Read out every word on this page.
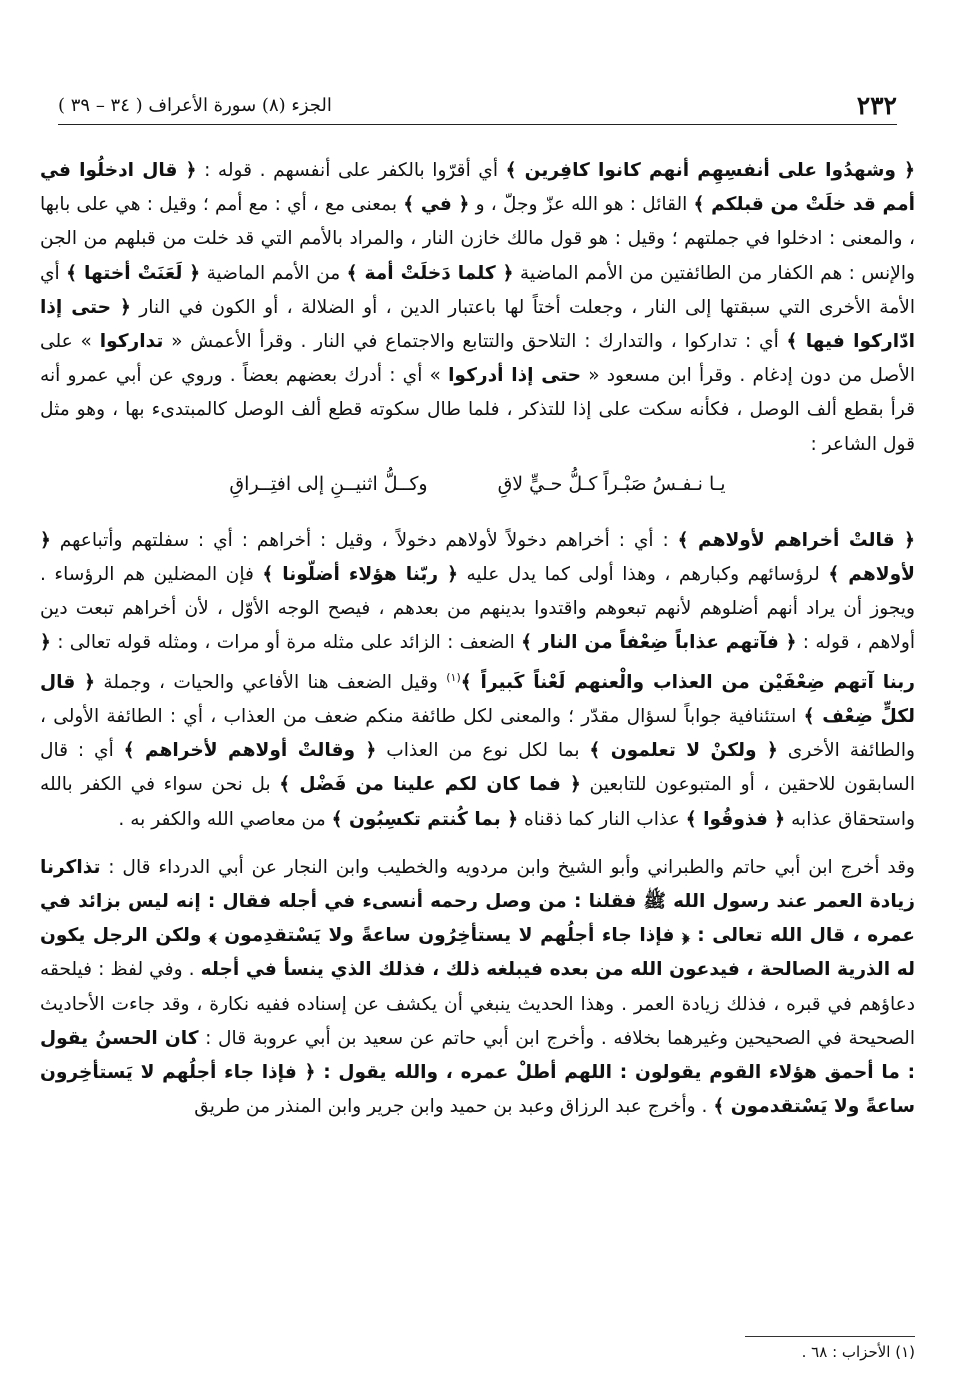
٢٣٢
الجزء (٨) سورة الأعراف ( ٣٤ – ٣٩ )

﴿ وشهدُوا على أنفسِهِم أنهم كانوا كافِرين ﴾ أي أقرّوا بالكفر على أنفسهم . قوله : ﴿ قال ادخلُوا في أمم قد خلَتْ من قبلكم ﴾ القائل : هو الله عزّ وجلّ ، و ﴿ في ﴾ بمعنى مع ، أي : مع أمم ؛ وقيل : هي على بابها ، والمعنى : ادخلوا في جملتهم ؛ وقيل : هو قول مالك خازن النار ، والمراد بالأمم التي قد خلت من قبلهم من الجن والإنس : هم الكفار من الطائفتين من الأمم الماضية ﴿ كلما دَخلَتْ أمة ﴾ من الأمم الماضية ﴿ لَعَنَتْ أختها ﴾ أي الأمة الأخرى التي سبقتها إلى النار ، وجعلت أختاً لها باعتبار الدين ، أو الضلالة ، أو الكون في النار ﴿ حتى إذا ادّاركوا فيها ﴾ أي : تداركوا ، والتدارك : التلاحق والتتابع والاجتماع في النار . وقرأ الأعمش « تداركوا » على الأصل من دون إدغام . وقرأ ابن مسعود « حتى إذا أدركوا » أي : أدرك بعضهم بعضاً . وروي عن أبي عمرو أنه قرأ بقطع ألف الوصل ، فكأنه سكت على إذا للتذكر ، فلما طال سكوته قطع ألف الوصل كالمبتدىء بها ، وهو مثل قول الشاعر :

يـا نـفـسُ صَبْـراً كـلُّ حـيٍّ لاقِ
وكــلُّ اثنيــنِ إلى افتِــراقِ

﴿ قالتْ أخراهم لأولاهم ﴾ : أي : أخراهم دخولاً لأولاهم دخولاً ، وقيل : أخراهم : أي : سفلتهم وأتباعهم ﴿ لأولاهم ﴾ لرؤسائهم وكبارهم ، وهذا أولى كما يدل عليه ﴿ ربّنا هؤلاء أضلّونا ﴾ فإن المضلين هم الرؤساء . ويجوز أن يراد أنهم أضلوهم لأنهم تبعوهم واقتدوا بدينهم من بعدهم ، فيصح الوجه الأوّل ، لأن أخراهم تبعت دين أولاهم ، قوله : ﴿ فآتهم عذاباً ضِعْفاً من النار ﴾ الضعف : الزائد على مثله مرة أو مرات ، ومثله قوله تعالى : ﴿ ربنا آتهم ضِعْفَيْن من العذاب والْعنهم لَعْناً كَبيراً ﴾$^{(١)}$ وقيل الضعف هنا الأفاعي والحيات ، وجملة ﴿ قال لكلٍّ ضِعْف ﴾ استئنافية جواباً لسؤال مقدّر ؛ والمعنى لكل طائفة منكم ضعف من العذاب ، أي : الطائفة الأولى ، والطائفة الأخرى ﴿ ولكنْ لا تعلمون ﴾ بما لكل نوع من العذاب ﴿ وقالتْ أولاهم لأخراهم ﴾ أي : قال السابقون للاحقين ، أو المتبوعون للتابعين ﴿ فما كان لكم علينا من فَضْل ﴾ بل نحن سواء في الكفر بالله واستحقاق عذابه ﴿ فذوقُوا ﴾ عذاب النار كما ذقناه ﴿ بما كُنتم تكسِبُون ﴾ من معاصي الله والكفر به .

وقد أخرج ابن أبي حاتم والطبراني وأبو الشيخ وابن مردويه والخطيب وابن النجار عن أبي الدرداء قال : تذاكرنا زيادة العمر عند رسول الله ﷺ فقلنا : من وصل رحمه أنسىء في أجله فقال : إنه ليس بزائد في عمره ، قال الله تعالى : ﴿ فإذا جاء أجلُهم لا يستأخِرُون ساعةً ولا يَسْتقدِمون ﴾ ولكن الرجل يكون له الذرية الصالحة ، فيدعون الله من بعده فيبلغه ذلك ، فذلك الذي ينسأ في أجله . وفي لفظ : فيلحقه دعاؤهم في قبره ، فذلك زيادة العمر . وهذا الحديث ينبغي أن يكشف عن إسناده ففيه نكارة ، وقد جاءت الأحاديث الصحيحة في الصحيحين وغيرهما بخلافه . وأخرج ابن أبي حاتم عن سعيد بن أبي عروبة قال : كان الحسنُ يقول : ما أحمق هؤلاء القوم يقولون : اللهم أطلْ عمره ، والله يقول : ﴿ فإذا جاء أجلُهم لا يَستأخِرون ساعةً ولا يَسْتقدمون ﴾ . وأخرج عبد الرزاق وعبد بن حميد وابن جرير وابن المنذر من طريق

(١) الأحزاب : ٦٨ .
